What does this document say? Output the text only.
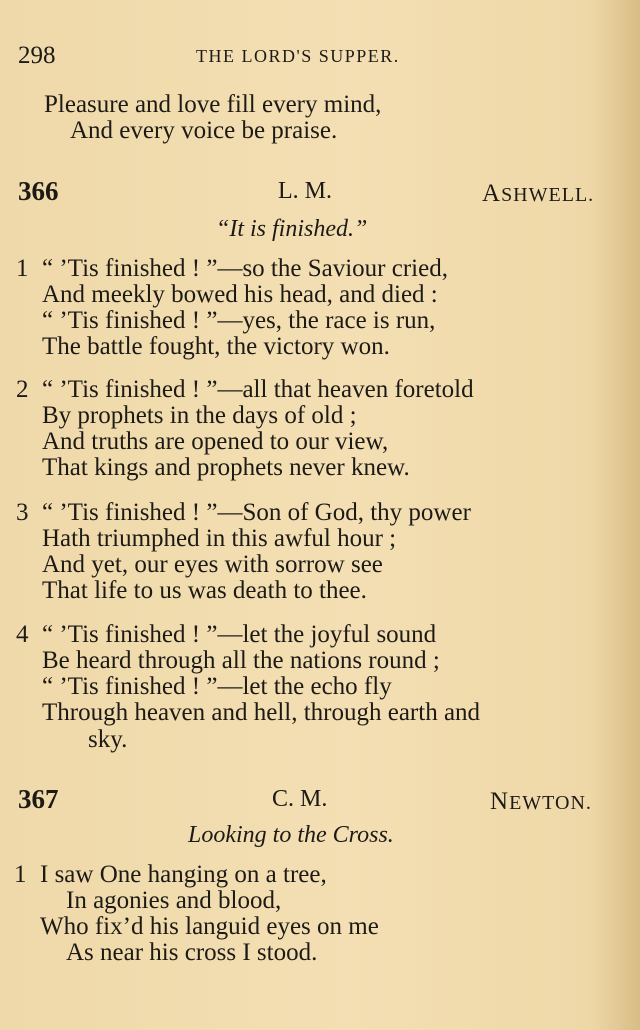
298	THE LORD'S SUPPER.
Pleasure and love fill every mind,
And every voice be praise.
366	L. M.	ASHWELL.
“It is finished.”
1 “ ’Tis finished ! ”—so the Saviour cried,
And meekly bowed his head, and died :
“ ’Tis finished ! ”—yes, the race is run,
The battle fought, the victory won.
2 “ ’Tis finished ! ”—all that heaven foretold
By prophets in the days of old ;
And truths are opened to our view,
That kings and prophets never knew.
3 “ ’Tis finished ! ”—Son of God, thy power
Hath triumphed in this awful hour ;
And yet, our eyes with sorrow see
That life to us was death to thee.
4 “ ’Tis finished ! ”—let the joyful sound
Be heard through all the nations round ;
“ ’Tis finished ! ”—let the echo fly
Through heaven and hell, through earth and
sky.
367	C. M.	NEWTON.
Looking to the Cross.
1 I saw One hanging on a tree,
In agonies and blood,
Who fix’d his languid eyes on me
As near his cross I stood.
